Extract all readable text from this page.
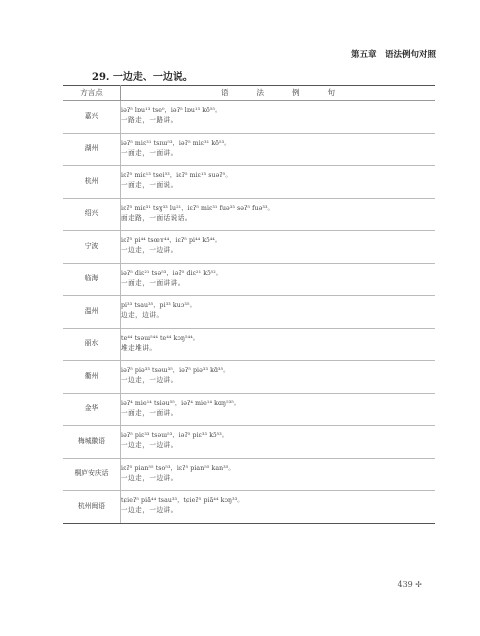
第五章　语法例句对照
29. 一边走、一边说。
方言点	语 法 例 句
嘉兴	iəʔ⁵ lɒu¹³ tse⁰，iəʔ⁵ lɒu¹³ kõ⁵⁵。
一路走，一路讲。

湖州	iəʔ⁵ miɛ³¹ tsɪɯ⁵³，iəʔ⁵ miɛ³¹ kõ⁵³。
一面走，一面讲。

杭州	iɛʔ⁵ miɛ¹³ tsei⁵³，iɛʔ⁵ miɛ¹³ suəʔ⁵。
一面走，一面说。

绍兴	iɛʔ⁵ miɛ³¹ tsɣ³³ lu²¹，iɛʔ⁵ miɛ³¹ fuə³³ səʔ⁵ fuə³³。
面走路，一面话说话。

宁波	iɛʔ⁵ pi⁴⁴ tsœʏ⁴⁴，iɛʔ⁵ pi⁴⁴ kɔ̃⁴⁴。
一边走，一边讲。

临海	iəʔ⁵ diɛ²¹ tsə⁵³，iəʔ⁵ diɛ²¹ kɔ̃⁵²。
一面走，一面讲讲。

温州	pi³³ tsau³⁵，pi³³ kuɔ³⁵。
边走，边讲。

丽水	te⁴⁴ tsəɯ⁵⁴⁴ te⁴⁴ kɔŋ⁵⁴⁴。
堆走堆讲。

衢州	iəʔ⁵ piə³³ tsəɯ³⁵，iəʔ⁵ piə³³ kɑ̃³⁵。
一边走，一边讲。

金华	iəʔ⁴ mie¹⁴ tsiəu⁵⁵，iəʔ⁴ mie¹⁴ kɑŋ⁵³⁵。
一面走，一面讲。

梅城徽语	iəʔ⁵ piɛ³³ tsəɯ⁵³，iəʔ⁵ piɛ³³ kɔ̃⁵³。
一边走，一边讲。

桐庐安庆话	iɛʔ⁵ pian⁵⁵ tso⁵³，iɛʔ⁵ pian⁵⁵ kan³⁵。
一边走，一边讲。

杭州闽语	tɕieʔ⁵ piã⁴⁴ tsau³³，tɕieʔ⁵ piã⁴⁴ kɔŋ³³。
一边走，一边讲。
439 ✢
